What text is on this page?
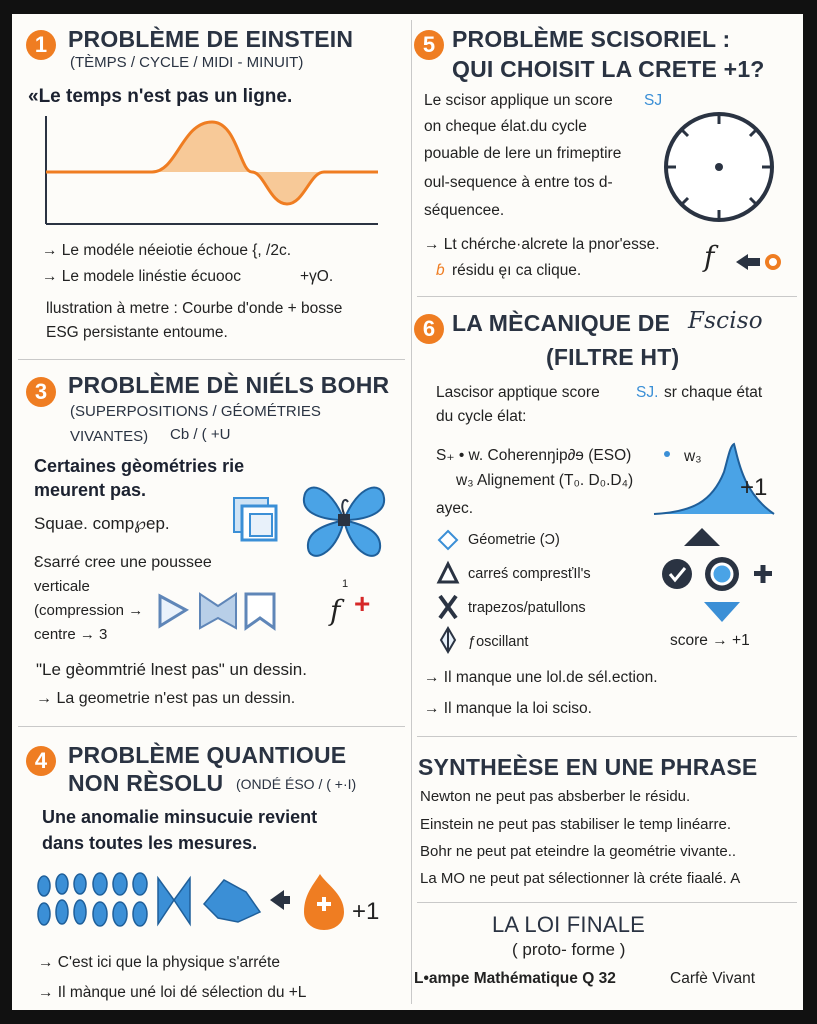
1 PROBLÈME DE EINSTEIN
(TÈMPS / CYCLE / MIDI - MINUIT)
«Le temps n'est pas un ligne.
→ Le modéle néeiotie échoue {, /2c.
→ Le modele linéstie écuooc	+γO.
llustration à metre : Courbe d'onde + bosse
ESG persistante entoume.
3 PROBLÈME DÈ NIÉLS BOHR
(SUPERPOSITIONS / GÉOMÉTRIES
VIVANTES) Cb / ( +U
Certaines gèométries rie
meurent pas.
Squae. comp℘ep.
Ɛsarré cree une poussee
verticale
(compression →
centre → 3
1
f +
"Le gèommtrié lnest pas" un dessin.
→ La geometrie n'est pas un dessin.
4 PROBLÈME QUANTIOUE
NON RÈSOLU (ONDÉ ÉSO / ( +·I)
Une anomalie minsucuie revient
dans toutes les mesures.
+1
→ C'est ici que la physique s'arréte
→ Il mànque uné loi dé sélection du +L
5 PROBLÈME SCISORIEL :
QUI CHOISIT LA CRETE +1?
Le scisor applique un score SJ
on cheque élat.du cycle
pouable de lere un frimeptire
oul-sequence à entre tos d-
séquencee.
→ Lt chérche·alcrete la pnor'esse.
ɓ résidu ęı ca clique.	f
6 LA MÈCANIQUE DE Fsciso
(FILTRE HT)
Lascisor apptique score SJ. sr chaque état
du cycle élat:
S₊ • w. Coherenŋip∂ɘ (ESO)	w₃
w₃ Alignement (T₀. D₀.D₄)
ayec.
+1
Géometrie (Ͻ)
carreś compresťIl's
trapezos/patullons
ƒoscillant	score → +1
→ Il manque une lol.de sél.ection.
→ Il manque la loi sciso.
SYNTHEÈSE EN UNE PHRASE
Newton ne peut pas absberber le résidu.
Einstein ne peut pas stabiliser le temp linéarre.
Bohr ne peut pat eteindre la geométrie vivante..
La MO ne peut pat sélectionner là créte fiaalé. A
LA LOI FINALE
( proto- forme )
L•ampe Mathématique Q 32	Carfè Vivant
